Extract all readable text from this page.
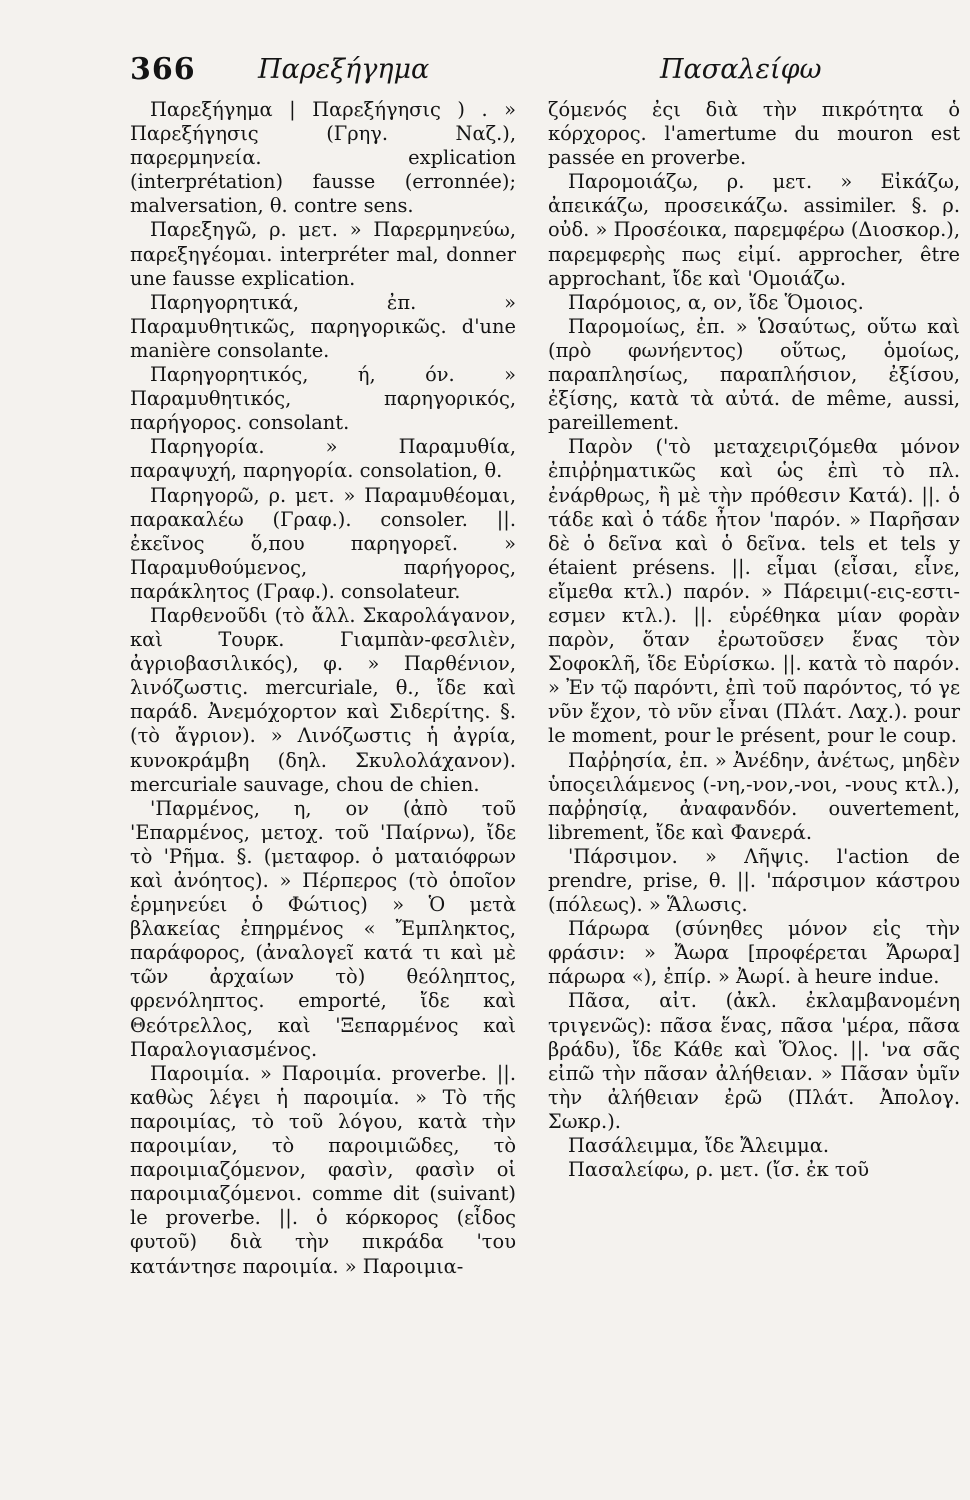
366 Παρεξήγημα	Πασαλείφω

Παρεξήγημα | Παρεξήγησις ) . » Παρεξήγησις (Γρηγ. Ναζ.), παρερμηνεία. explication (interprétation) fausse (erronnée); malversation, θ. contre sens.

Παρεξηγῶ, ρ. μετ. » Παρερμηνεύω, παρεξηγέομαι. interpréter mal, donner une fausse explication.

Παρηγορητικά, ἐπ. » Παραμυθητικῶς, παρηγορικῶς. d'une manière consolante.

Παρηγορητικός, ή, όν. » Παραμυθητικός, παρηγορικός, παρήγορος. consolant.

Παρηγορία. » Παραμυθία, παραψυχή, παρηγορία. consolation, θ.

Παρηγορῶ, ρ. μετ. » Παραμυθέομαι, παρακαλέω (Γραφ.). consoler. ||. ἐκεῖνος ὅ,που παρηγορεῖ. » Παραμυθούμενος, παρήγορος, παράκλητος (Γραφ.). consolateur.

Παρθενοῦδι (τὸ ἄλλ. Σκαρολάγανον, καὶ Τουρκ. Γιαμπὰν-φεσλιὲν, ἀγριοβασιλικός), φ. » Παρθένιον, λινόζωστις. mercuriale, θ., ἴδε καὶ παράδ. Ἀνεμόχορτον καὶ Σιδερίτης. §. (τὸ ἄγριον). » Λινόζωστις ἡ ἀγρία, κυνοκράμβη (δηλ. Σκυλολάχανον). mercuriale sauvage, chou de chien.

'Παρμένος, η, ον (ἀπὸ τοῦ 'Επαρμένος, μετοχ. τοῦ 'Παίρνω), ἴδε τὸ 'Ρῆμα. §. (μεταφορ. ὁ ματαιόφρων καὶ ἀνόητος). » Πέρπερος (τὸ ὁποῖον ἑρμηνεύει ὁ Φώτιος) » Ὁ μετὰ βλακείας ἐπηρμένος « Ἔμπληκτος, παράφορος, (ἀναλογεῖ κατά τι καὶ μὲ τῶν ἀρχαίων τὸ) θεόληπτος, φρενόληπτος. emporté, ἴδε καὶ Θεότρελλος, καὶ 'Ξεπαρμένος καὶ Παραλογιασμένος.

Παροιμία. » Παροιμία. proverbe. ||. καθὼς λέγει ἡ παροιμία. » Τὸ τῆς παροιμίας, τὸ τοῦ λόγου, κατὰ τὴν παροιμίαν, τὸ παροιμιῶδες, τὸ παροιμιαζόμενον, φασὶν, φασὶν οἱ παροιμιαζόμενοι. comme dit (suivant) le proverbe. ||. ὁ κόρκορος (εἶδος φυτοῦ) διὰ τὴν πικράδα 'του κατάντησε παροιμία. » Παροιμια-

ζόμενός ἐςι διὰ τὴν πικρότητα ὁ κόρχορος. l'amertume du mouron est passée en proverbe.

Παρομοιάζω, ρ. μετ. » Εἰκάζω, ἀπεικάζω, προσεικάζω. assimiler. §. ρ. οὐδ. » Προσέοικα, παρεμφέρω (Διοσκορ.), παρεμφερὴς πως εἰμί. approcher, être approchant, ἴδε καὶ 'Ομοιάζω.

Παρόμοιος, α, ον, ἴδε Ὅμοιος.

Παρομοίως, ἐπ. » Ὡσαύτως, οὕτω καὶ (πρὸ φωνήεντος) οὕτως, ὁμοίως, παραπλησίως, παραπλήσιον, ἐξίσου, ἐξίσης, κατὰ τὰ αὐτά. de même, aussi, pareillement.

Παρὸν ('τὸ μεταχειριζόμεθα μόνον ἐπιῤῥηματικῶς καὶ ὡς ἐπὶ τὸ πλ. ἐνάρθρως, ἢ μὲ τὴν πρόθεσιν Κατά). ||. ὁ τάδε καὶ ὁ τάδε ἦτον 'παρόν. » Παρῆσαν δὲ ὁ δεῖνα καὶ ὁ δεῖνα. tels et tels y étaient présens. ||. εἶμαι (εἶσαι, εἶνε, εἴμεθα κτλ.) παρόν. » Πάρειμι(-εις-εστι-εσμεν κτλ.). ||. εὑρέθηκα μίαν φορὰν παρὸν, ὅταν ἐρωτοῦσεν ἕνας τὸν Σοφοκλῆ, ἴδε Εὑρίσκω. ||. κατὰ τὸ παρόν. » Ἐν τῷ παρόντι, ἐπὶ τοῦ παρόντος, τό γε νῦν ἔχον, τὸ νῦν εἶναι (Πλάτ. Λαχ.). pour le moment, pour le présent, pour le coup.

Παῤῥησία, ἐπ. » Ἀνέδην, ἀνέτως, μηδὲν ὑποςειλάμενος (-νη,-νον,-νοι, -νους κτλ.), παῤῥησίᾳ, ἀναφανδόν. ouvertement, librement, ἴδε καὶ Φανερά.

'Πάρσιμον. » Λῆψις. l'action de prendre, prise, θ. ||. 'πάρσιμον κάστρου (πόλεως). » Ἅλωσις.

Πάρωρα (σύνηθες μόνον εἰς τὴν φράσιν: » Ἄωρα [προφέρεται Ἄρωρα] πάρωρα «), ἐπίρ. » Ἀωρί. à heure indue.

Πᾶσα, αἰτ. (ἀκλ. ἐκλαμβανομένη τριγενῶς): πᾶσα ἕνας, πᾶσα 'μέρα, πᾶσα βράδυ), ἴδε Κάθε καὶ Ὅλος. ||. 'να σᾶς εἰπῶ τὴν πᾶσαν ἀλήθειαν. » Πᾶσαν ὑμῖν τὴν ἀλήθειαν ἐρῶ (Πλάτ. Ἀπολογ. Σωκρ.).

Πασάλειμμα, ἴδε Ἄλειμμα.

Πασαλείφω, ρ. μετ. (ἴσ. ἐκ τοῦ
